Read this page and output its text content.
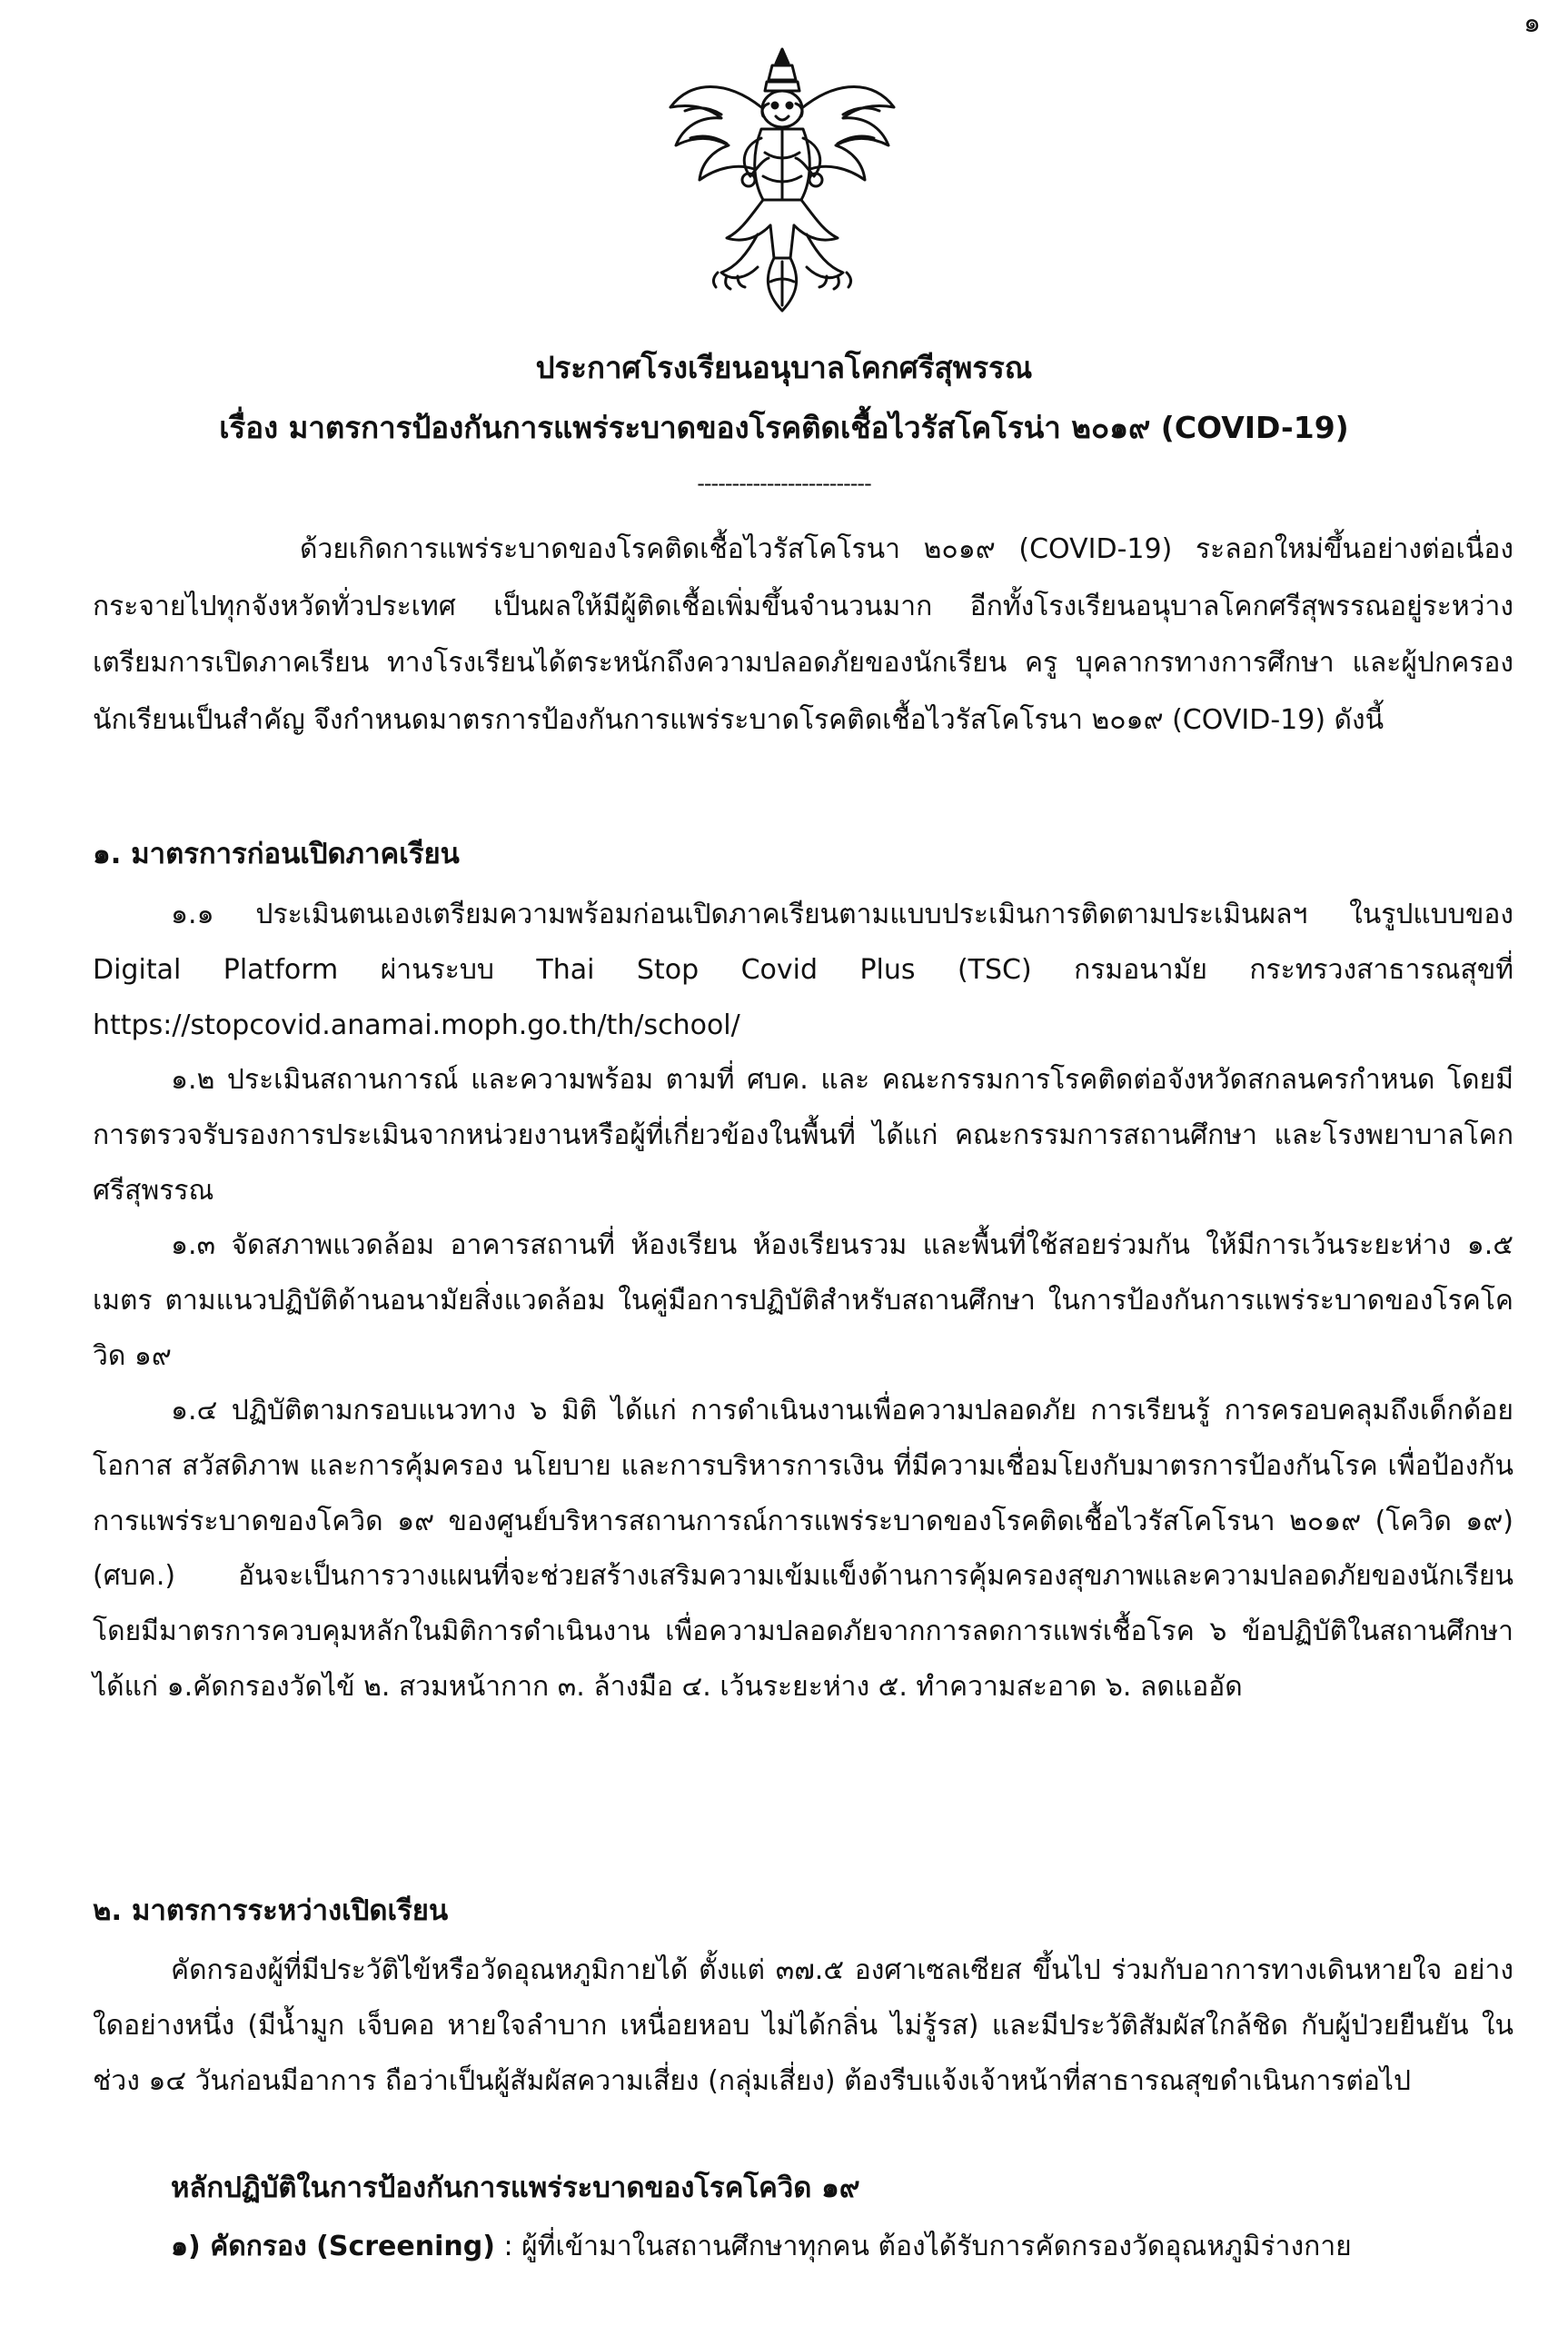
๑
ประกาศโรงเรียนอนุบาลโคกศรีสุพรรณ
เรื่อง มาตรการป้องกันการแพร่ระบาดของโรคติดเชื้อไวรัสโคโรน่า ๒๐๑๙ (COVID-19)
-------------------------

ด้วยเกิดการแพร่ระบาดของโรคติดเชื้อไวรัสโคโรนา ๒๐๑๙ (COVID-19) ระลอกใหม่ขึ้นอย่างต่อเนื่องกระจายไปทุกจังหวัดทั่วประเทศ เป็นผลให้มีผู้ติดเชื้อเพิ่มขึ้นจำนวนมาก อีกทั้งโรงเรียนอนุบาลโคกศรีสุพรรณอยู่ระหว่างเตรียมการเปิดภาคเรียน ทางโรงเรียนได้ตระหนักถึงความปลอดภัยของนักเรียน ครู บุคลากรทางการศึกษา และผู้ปกครองนักเรียนเป็นสำคัญ จึงกำหนดมาตรการป้องกันการแพร่ระบาดโรคติดเชื้อไวรัสโคโรนา ๒๐๑๙ (COVID-19) ดังนี้

๑. มาตรการก่อนเปิดภาคเรียน

๑.๑ ประเมินตนเองเตรียมความพร้อมก่อนเปิดภาคเรียนตามแบบประเมินการติดตามประเมินผลฯ ในรูปแบบของ Digital Platform ผ่านระบบ Thai Stop Covid Plus (TSC) กรมอนามัย กระทรวงสาธารณสุขที่ https://stopcovid.anamai.moph.go.th/th/school/

๑.๒ ประเมินสถานการณ์ และความพร้อม ตามที่ ศบค. และ คณะกรรมการโรคติดต่อจังหวัดสกลนครกำหนด โดยมีการตรวจรับรองการประเมินจากหน่วยงานหรือผู้ที่เกี่ยวข้องในพื้นที่ ได้แก่ คณะกรรมการสถานศึกษา และโรงพยาบาลโคกศรีสุพรรณ

๑.๓ จัดสภาพแวดล้อม อาคารสถานที่ ห้องเรียน ห้องเรียนรวม และพื้นที่ใช้สอยร่วมกัน ให้มีการเว้นระยะห่าง ๑.๕ เมตร ตามแนวปฏิบัติด้านอนามัยสิ่งแวดล้อม ในคู่มือการปฏิบัติสำหรับสถานศึกษา ในการป้องกันการแพร่ระบาดของโรคโควิด ๑๙

๑.๔ ปฏิบัติตามกรอบแนวทาง ๖ มิติ ได้แก่ การดำเนินงานเพื่อความปลอดภัย การเรียนรู้ การครอบคลุมถึงเด็กด้อยโอกาส สวัสดิภาพ และการคุ้มครอง นโยบาย และการบริหารการเงิน ที่มีความเชื่อมโยงกับมาตรการป้องกันโรค เพื่อป้องกันการแพร่ระบาดของโควิด ๑๙ ของศูนย์บริหารสถานการณ์การแพร่ระบาดของโรคติดเชื้อไวรัสโคโรนา ๒๐๑๙ (โควิด ๑๙) (ศบค.) อันจะเป็นการวางแผนที่จะช่วยสร้างเสริมความเข้มแข็งด้านการคุ้มครองสุขภาพและความปลอดภัยของนักเรียน โดยมีมาตรการควบคุมหลักในมิติการดำเนินงาน เพื่อความปลอดภัยจากการลดการแพร่เชื้อโรค ๖ ข้อปฏิบัติในสถานศึกษา ได้แก่ ๑.คัดกรองวัดไข้ ๒. สวมหน้ากาก ๓. ล้างมือ ๔. เว้นระยะห่าง ๕. ทำความสะอาด ๖. ลดแออัด

๒. มาตรการระหว่างเปิดเรียน

คัดกรองผู้ที่มีประวัติไข้หรือวัดอุณหภูมิกายได้ ตั้งแต่ ๓๗.๕ องศาเซลเซียส ขึ้นไป ร่วมกับอาการทางเดินหายใจ อย่างใดอย่างหนึ่ง (มีน้ำมูก เจ็บคอ หายใจลำบาก เหนื่อยหอบ ไม่ได้กลิ่น ไม่รู้รส) และมีประวัติสัมผัสใกล้ชิด กับผู้ป่วยยืนยัน ในช่วง ๑๔ วันก่อนมีอาการ ถือว่าเป็นผู้สัมผัสความเสี่ยง (กลุ่มเสี่ยง) ต้องรีบแจ้งเจ้าหน้าที่สาธารณสุขดำเนินการต่อไป

หลักปฏิบัติในการป้องกันการแพร่ระบาดของโรคโควิด ๑๙
๑) คัดกรอง (Screening) : ผู้ที่เข้ามาในสถานศึกษาทุกคน ต้องได้รับการคัดกรองวัดอุณหภูมิร่างกาย
